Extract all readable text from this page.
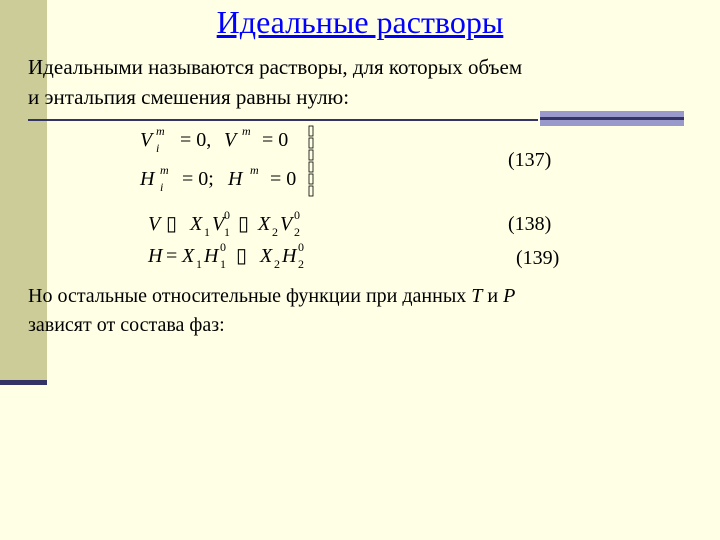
Идеальные растворы

Идеальными называются растворы, для которых объем
и энтальпия смешения равны нулю:

V m
i = 0, V m = 0
H m
i = 0; H m = 0
(137)
V ▯ X 1 V 0
1 ▯ X 2 V 0
2	(138)
H = X 1 H 0
1 ▯ X 2 H 0
2	(139)

Но остальные относительные функции при данных T и P
зависят от состава фаз:
